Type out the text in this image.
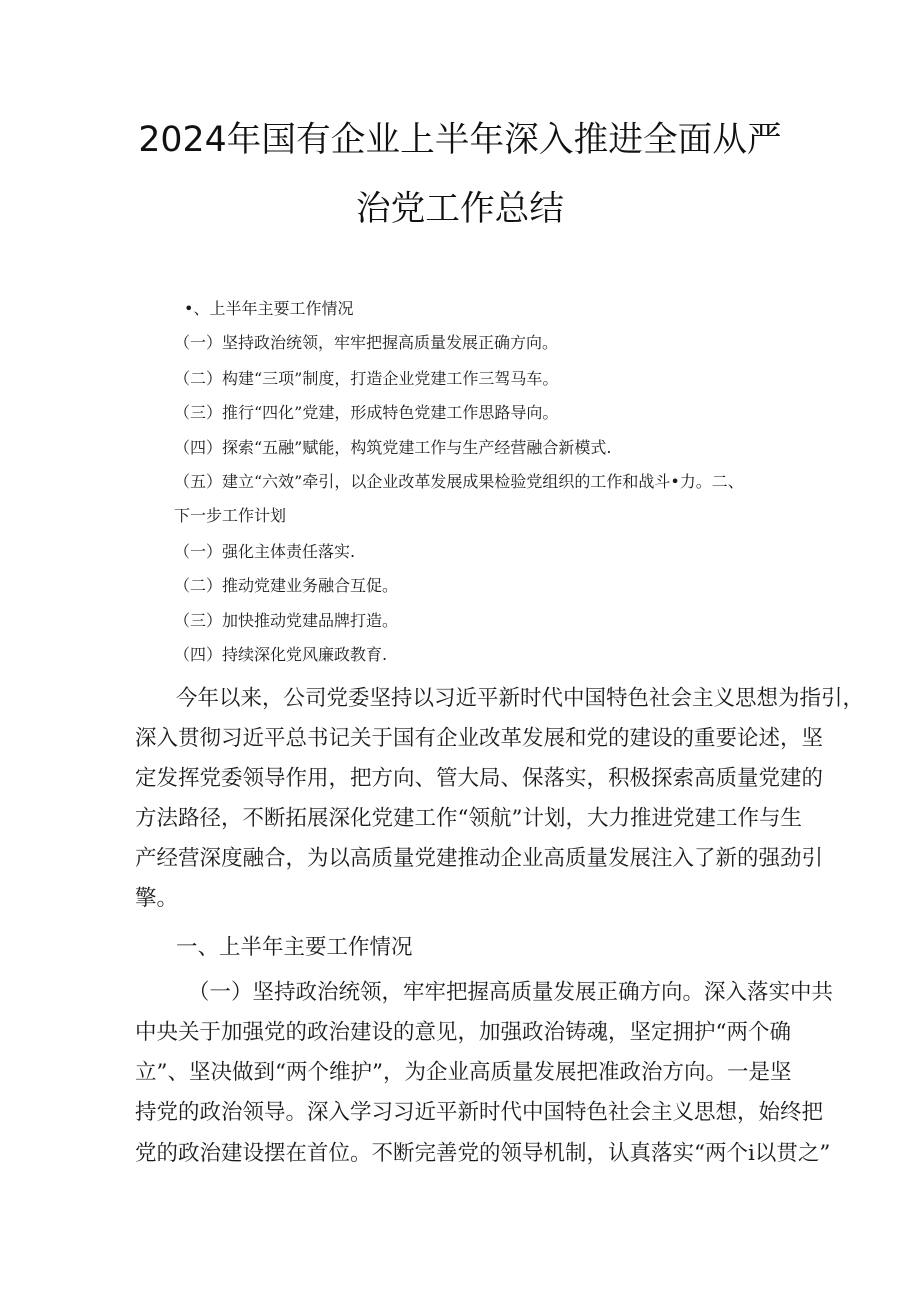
2024年国有企业上半年深入推进全面从严
治党工作总结
•、上半年主要工作情况
（一）坚持政治统领，牢牢把握高质量发展正确方向。
（二）构建“三项”制度，打造企业党建工作三驾马车。
（三）推行“四化”党建，形成特色党建工作思路导向。
（四）探索“五融”赋能，构筑党建工作与生产经营融合新模式.
（五）建立“六效”牵引，以企业改革发展成果检验党组织的工作和战斗•力。二、
下一步工作计划
（一）强化主体责任落实.
（二）推动党建业务融合互促。
（三）加快推动党建品牌打造。
（四）持续深化党风廉政教育.
今年以来，公司党委坚持以习近平新时代中国特色社会主义思想为指引，
深入贯彻习近平总书记关于国有企业改革发展和党的建设的重要论述，坚
定发挥党委领导作用，把方向、管大局、保落实，积极探索高质量党建的
方法路径，不断拓展深化党建工作“领航”计划，大力推进党建工作与生
产经营深度融合，为以高质量党建推动企业高质量发展注入了新的强劲引
擎。
一、上半年主要工作情况
（一）坚持政治统领，牢牢把握高质量发展正确方向。深入落实中共
中央关于加强党的政治建设的意见，加强政治铸魂，坚定拥护“两个确
立”、坚决做到“两个维护”，为企业高质量发展把准政治方向。一是坚
持党的政治领导。深入学习习近平新时代中国特色社会主义思想，始终把
党的政治建设摆在首位。不断完善党的领导机制，认真落实“两个i以贯之”
